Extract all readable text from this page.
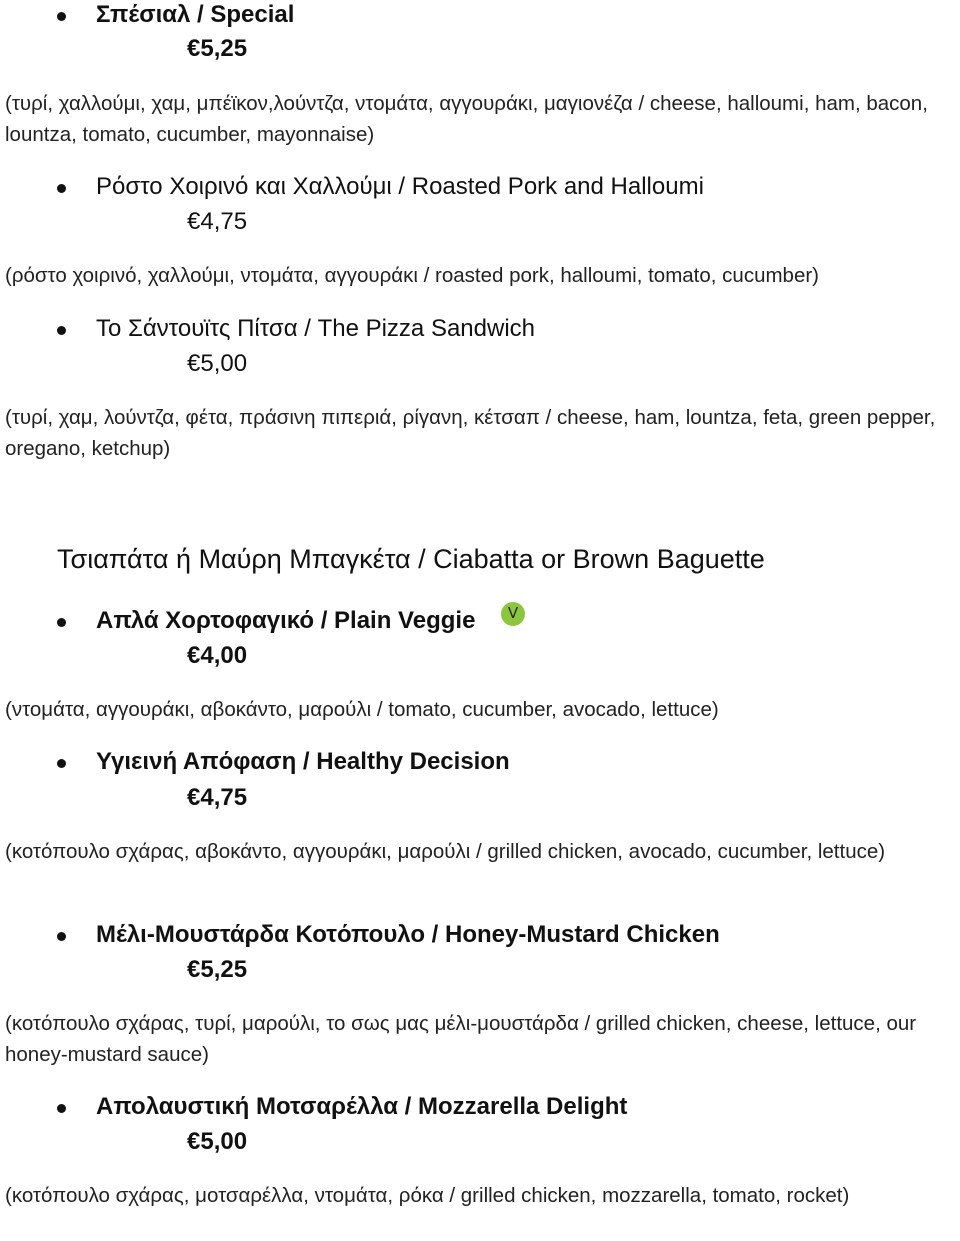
Σπέσιαλ / Special
€5,25
(τυρί, χαλλούμι, χαμ, μπέϊκον,λούντζα, ντομάτα, αγγουράκι, μαγιονέζα / cheese, halloumi, ham, bacon, lountza, tomato, cucumber, mayonnaise)
Ρόστο Χοιρινό και Χαλλούμι / Roasted Pork and Halloumi
€4,75
(ρόστο χοιρινό, χαλλούμι, ντομάτα, αγγουράκι / roasted pork, halloumi, tomato, cucumber)
Το Σάντουϊτς Πίτσα / The Pizza Sandwich
€5,00
(τυρί, χαμ, λούντζα, φέτα, πράσινη πιπεριά, ρίγανη, κέτσαπ / cheese, ham, lountza, feta, green pepper, oregano, ketchup)
Τσιαπάτα ή Μαύρη Μπαγκέτα / Ciabatta or Brown Baguette
Απλά Χορτοφαγικό / Plain Veggie	V
€4,00
(ντομάτα, αγγουράκι, αβοκάντο, μαρούλι / tomato, cucumber, avocado, lettuce)
Υγιεινή Απόφαση / Healthy Decision
€4,75
(κοτόπουλο σχάρας, αβοκάντο, αγγουράκι, μαρούλι / grilled chicken, avocado, cucumber, lettuce)
Μέλι-Μουστάρδα Κοτόπουλο / Honey-Mustard Chicken
€5,25
(κοτόπουλο σχάρας, τυρί, μαρούλι, το σως μας μέλι-μουστάρδα / grilled chicken, cheese, lettuce, our honey-mustard sauce)
Απολαυστική Μοτσαρέλλα / Mozzarella Delight
€5,00
(κοτόπουλο σχάρας, μοτσαρέλλα, ντομάτα, ρόκα / grilled chicken, mozzarella, tomato, rocket)
